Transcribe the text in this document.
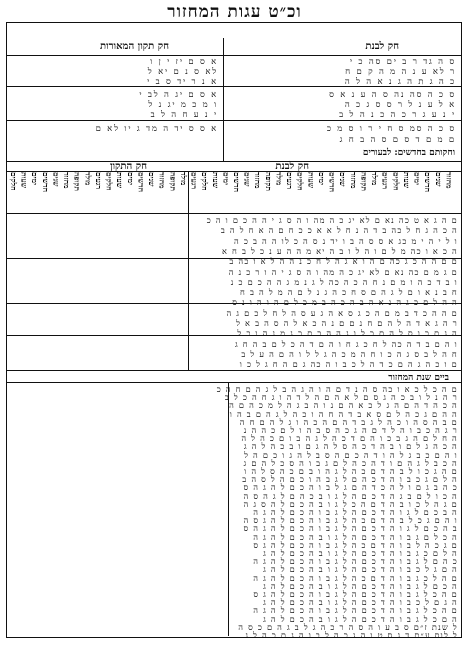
וכ״ט עגות המחזור
חק לבנת
חק תקון המאורות
ס ה גד ר ב ים סה כ י
ר לא ע נ ה מ ה ק ם ח
כ ה ג ת ה ג נ א ה ל ה
ס כ ה סה נה ס ה ע נ א ס
א ל ע נ ל ר ס ס ג כ ה
י נ ע ג ר כ ה כ נ ה ל ב
ס כ ה סמ ס ח י ר ו ס מ כ
ם מ ם ד ס ם ס ה ב ח ג
א ס ם יז י ן ו
לא ס נ ם יא ל
א נ ר יד ס ב י
א ס ם יג ה לב י
ו מ כ מ יג נ ל
י נ ע ח ה ל ב
א ס ס יד ה מד ג יו לא ם
וחקותם בחדשים: לבעורים
חק לבנת
חק התקון
מחזור
שנים
חדשים
ימים
שעות
חלקים
רגעים
מולד
תקופה
מחזור
שנים
חדשים
ימים
שעות
חלקים
רגעים
מולד
תקופה
מחזור
שנים
חדשים
ימים
שעות
חלקים
רגעים
מולד
תקופה
מחזור
שנים
חדשים
ימים
שעות
חלקים
רגעים
מולד
תקופה
מחזור
שנים
חדשים
ימים
שעות
חלקים
ם ה ג א ט כה נא ם לא יג כ ה מה ו ה ס ג י ה ה כ ם ו ה כ
ה כ ה ג ח ל כה ב ד ה נ ח ל א א כ כ ח ם ה א ח ל ה ב
ו ל י ה י מ כג א ס ס ה ב ו יד נ ס ה כ לו ה ה ב כ ה
ה כ א ו כה מ ל ם ו ה ל ו ב ה יא מ ה ה ע נ כ ל ב ח א
ם ם ה ה כ ג כה ם ה ו א ג ה ל ח כ נ ה ה ל א ו כה ב
ם ג מ ם כה נא ם לא יג כ ה מה ו ה ס ג י ה ו ר כ נ ה
ו ב ד כ ה ו מ ם נ ח ה כ ה כה ל ג נ מ ג ה ה כ ם כ נ
ח ב נ א ו ם ל ג ה ם ס ח כ ה ג נ ל ם ה מ ל ה ב ח
ה ה ל ם כ ג ה נ א ה ב ה כ ה ב מ כ ל ם ה ו ה ו נ ס
ם ה ה כ ד ב מ ם ה כ ג ס א ה ג ע ס ה ל ח ל כ ם ג ה
ר ה ג א ד ה ל ה ם ח נ ם ם נ ה כ א ל ה ס ה ב א ל
ה ג ם כ ו ס ל ה ם כ ל ו ג ה ה ב ם כ ג מ נ ה ו כ ל
ו ה ם ב ד ה כה ל ח כ ג ח ו ה ם ד ה כ ל ם ב ה ח ג
ח ה ל ב ס ג ה כ ו ח ה מ כ ה ג ל ל ו ה ם ה ע ל ב
ם ו כ ה ג ה ם כ ד ה ל כ ב ו ה כה ג ם ה ח ג ל כ ו
ביים שנת המחזור
ם ה כ ל כ א ו כה ס ה נ ד ם ה ו ה ג ה ב ל ג ה ם ח ה כ
ר ה נ ל ו ב כ ה ג ס ם ל א ה ם ה ל ד ה ו ג ח ה כ ל ב
ה כ ה ד ה ם ה ג ל כ א ה ם נ ו ה ב ג ה ל מ כ ה ם ה
ה ה ם ג כ ה ל ם ס א ב ד ה ח ה ו כ ה ל ג ה ם ב ה ו
ם ב ה ס ה ו כ ה ל ג ב ד ה ם ה כ ה ו ג ל ה ם ח ה
ר ג ה כ ב ו ה ל ד ם ה ג כ ה ס ב ה ו ל ם כ ה ה נ
ה ח ל ם ה ג ב כ ו ה ם ד כ ה ל ג ה ב ו ם כ ה ל ה
ה כ ה ג ל ם ו ב ה ד כ ה ס ל ה ג ם ו ב כ ה ל ה ג
ו ה ם כ ב ג ל ה ו ד ה כ ם ה ס ב ל ה ג ו כ ם ה ל
ה כ ב ל ג ה ם ו ד ה כ ה ל ם ג ב ו ה ס כ ל ה ם ג
ם ה ג כ ו ל ב ה ד ם כ ה ל ג ה ו ב ם כ ה ס ל ה ו
ה ל ם ג כ ב ו ה ד כ ה ם ל ג ב ה ו כ ם ה ל ס ה ב
כ ה ב ג ם ו ל ה כ ד ה ם ג ל ב ו ה כ ם ל ה ג ה ס
ה כ ו ל ם ב ג ה ד כ ם ה ל ג ו ב כ ה ם ל ג ה ס ה
ם ג ה ל כ ו ב ה ד ם ה כ ל ג ו ב ה כ ם ל ה ס ג ה
ה ב כ ם ל ג ו ה ד כ ם ה ל ג ב ו ה כ ם ל ה ג ה
ו ה ם ג כ ל ב ה ד ם כ ה ל ג ב ו ה כ ם ל ה ג ס ה
ב ה כ ם ל ג ו ה ד כ ם ה ל ג ב ו ה כ ם ל ה ג ה ס
ה כ ל ם ג ב ו ה ד כ ם ה ל ג ו ב ה כ ם ל ה ג ה
ם ג כ ה ל ב ו ה ד ם כ ה ל ג ב ו ה כ ם ל ה ג ס
ה ל ם כ ג ב ו ה ד כ ם ה ל ג ו ב ה כ ם ל ה ג
כ ה ם ל ג ב ו ה ד כ ם ה ל ג ב ו ה כ ם ל ה ג ה
ה ם ג ל כ ב ו ה ד כ ם ה ל ג ו ב ה כ ם ל ה ג
ם ה ל כ ג ב ו ה ד ם כ ה ל ג ב ו ה כ ם ל ה ג ה
ה כ ם ל ג ב ו ה ד כ ם ה ל ג ו ב ה כ ם ל ה ג
ם ה כ ל ג ב ו ה ד כ ם ה ל ג ב ו ה כ ם ל ה ג ס
ה ג ם ל כ ב ו ה ד כ ם ה ל ג ו ב ה כ ם ל ה ג
ם ה כ ל ג ב ו ה ד כ ם ה ל ג ב ו ה כ ם ל ה ג ה
ה ם כ ל ג ב ו ה ד כ ם ה ל ג ו ב ה כ ם ל ה ג
ל שנת ז״ם ס ב ע ו ה ס ה ר כ ה ג ל ב ג ה ם כ ס ה
ל לוס ע״ם ד ג ס ט ו ה ג כ ה ל ב ו ה ג ם כ ה ל ג
